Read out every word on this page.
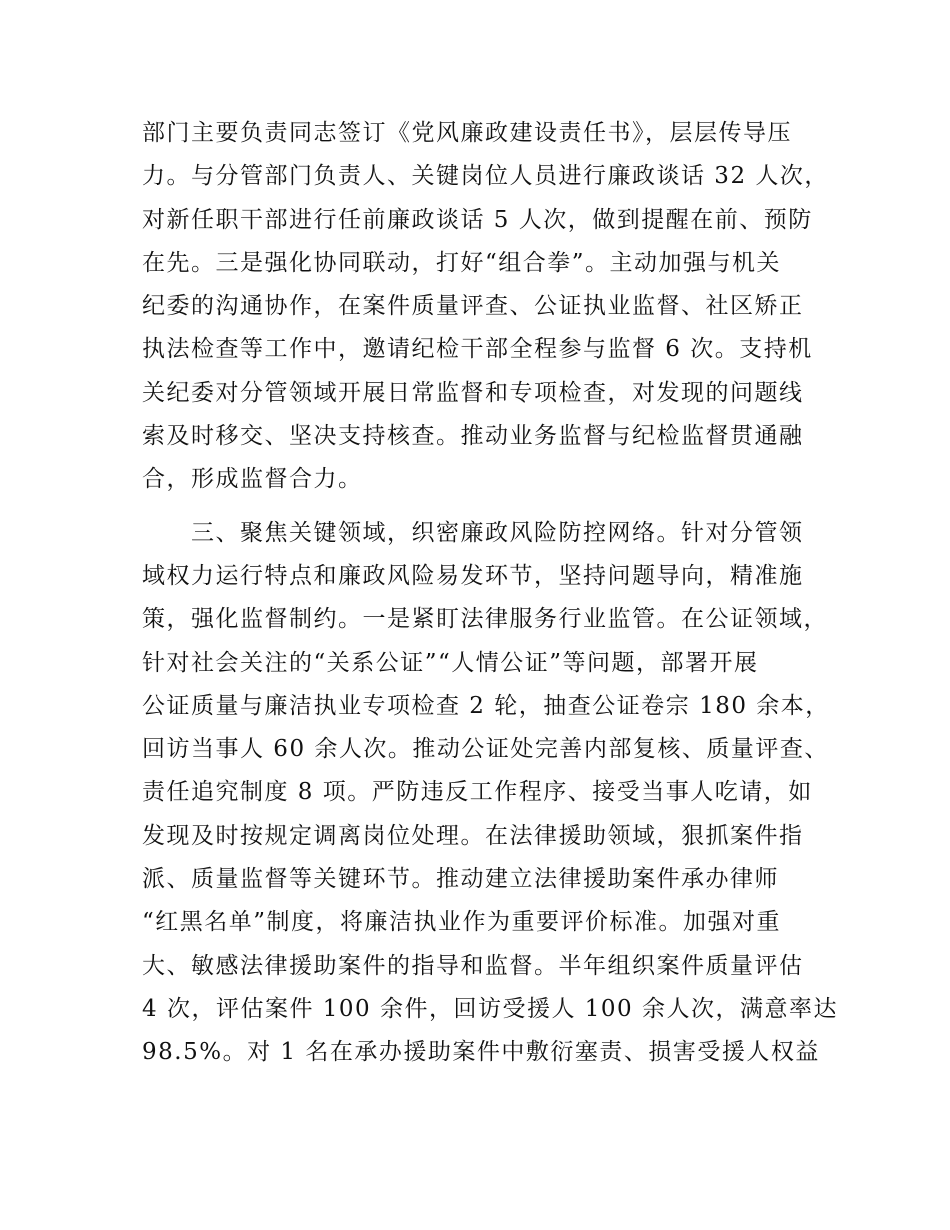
部门主要负责同志签订《党风廉政建设责任书》，层层传导压
力。与分管部门负责人、关键岗位人员进行廉政谈话 32 人次，
对新任职干部进行任前廉政谈话 5 人次，做到提醒在前、预防
在先。三是强化协同联动，打好“组合拳”。主动加强与机关
纪委的沟通协作，在案件质量评查、公证执业监督、社区矫正
执法检查等工作中，邀请纪检干部全程参与监督 6 次。支持机
关纪委对分管领域开展日常监督和专项检查，对发现的问题线
索及时移交、坚决支持核查。推动业务监督与纪检监督贯通融
合，形成监督合力。
　　三、聚焦关键领域，织密廉政风险防控网络。针对分管领
域权力运行特点和廉政风险易发环节，坚持问题导向，精准施
策，强化监督制约。一是紧盯法律服务行业监管。在公证领域，
针对社会关注的“关系公证”“人情公证”等问题，部署开展
公证质量与廉洁执业专项检查 2 轮，抽查公证卷宗 180 余本，
回访当事人 60 余人次。推动公证处完善内部复核、质量评查、
责任追究制度 8 项。严防违反工作程序、接受当事人吃请，如
发现及时按规定调离岗位处理。在法律援助领域，狠抓案件指
派、质量监督等关键环节。推动建立法律援助案件承办律师
“红黑名单”制度，将廉洁执业作为重要评价标准。加强对重
大、敏感法律援助案件的指导和监督。半年组织案件质量评估
4 次，评估案件 100 余件，回访受援人 100 余人次，满意率达
98.5%。对 1 名在承办援助案件中敷衍塞责、损害受援人权益
